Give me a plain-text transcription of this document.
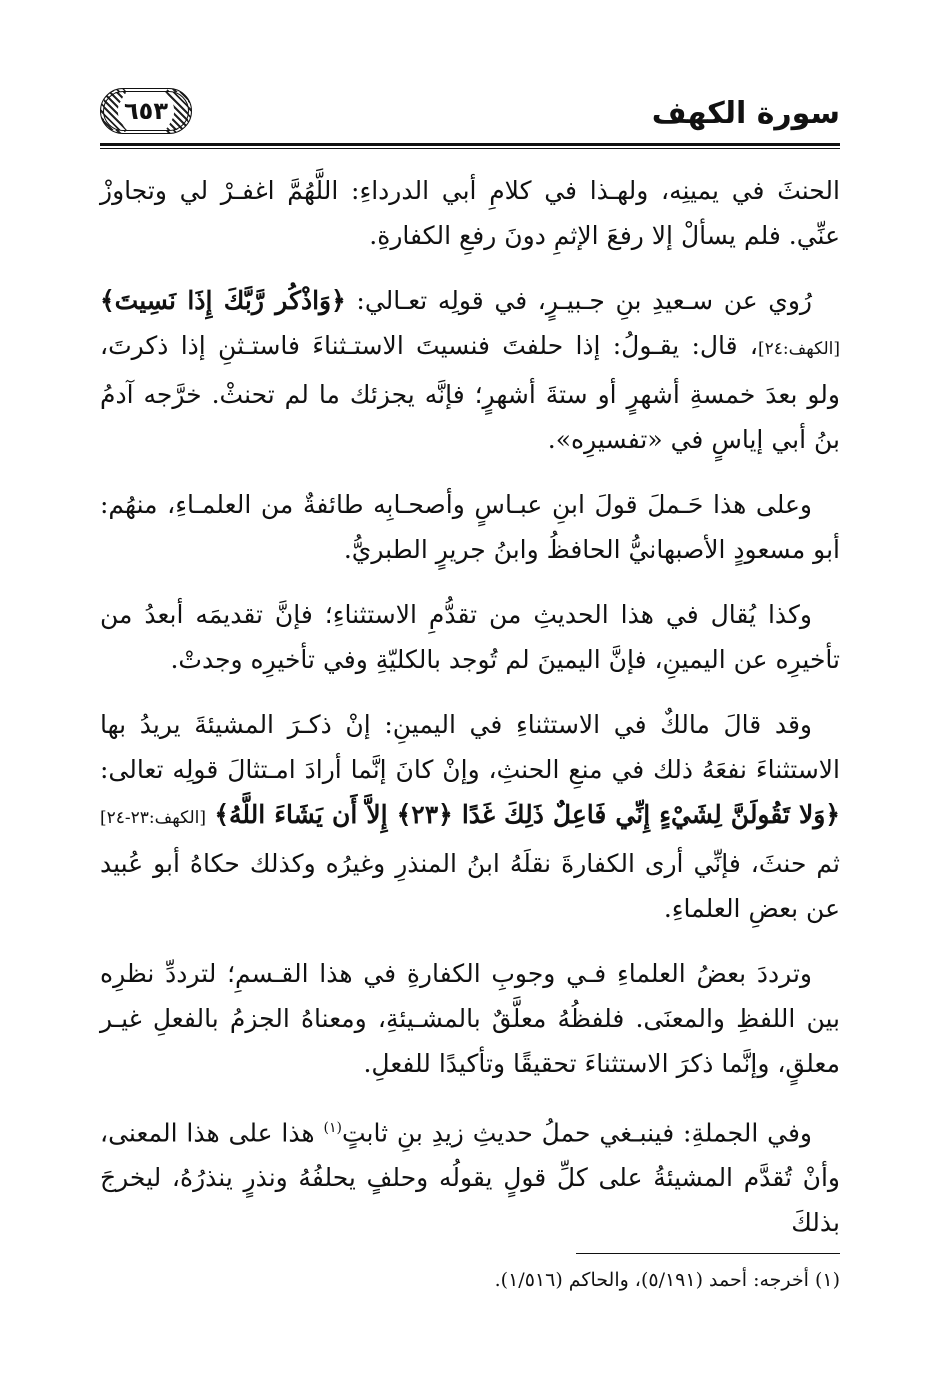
سورة الكهف
٦٥٣

الحنثَ في يمينِه، ولهـذا في كلامِ أبي الدرداءِ: اللَّهُمَّ اغفـرْ لي وتجاوزْ عنِّي. فلم يسألْ إلا رفعَ الإثمِ دونَ رفعِ الكفارةِ.

رُوي عن سـعيدِ بنِ جـبيـرٍ، في قولِه تعـالي: ﴿وَاذْكُر رَّبَّكَ إِذَا نَسِيتَ﴾ [الكهف:٢٤]، قال: يقـولُ: إذا حلفتَ فنسيتَ الاستـثناءَ فاستـثنِ إذا ذكرتَ، ولو بعدَ خمسةِ أشهرٍ أو ستةَ أشهرٍ؛ فإنَّه يجزئك ما لم تحنثْ. خرَّجه آدمُ بنُ أبي إياسٍ في «تفسيرِه».

وعلى هذا حَـملَ قولَ ابنِ عبـاسٍ وأصحـابِه طائفةٌ من العلمـاءِ، منهُم: أبو مسعودٍ الأصبهانيُّ الحافظُ وابنُ جريرٍ الطبريُّ.

وكذا يُقال في هذا الحديثِ من تقدُّمِ الاستثناءِ؛ فإنَّ تقديمَه أبعدُ من تأخيرِه عن اليمينِ، فإنَّ اليمينَ لم تُوجد بالكليّةِ وفي تأخيرِه وجدتْ.

وقد قالَ مالكٌ في الاستثناءِ في اليمينِ: إنْ ذكـرَ المشيئةَ يريدُ بها الاستثناءَ نفعَهُ ذلك في منعِ الحنثِ، وإنْ كانَ إنَّما أرادَ امـتثالَ قولِه تعالى: ﴿وَلا تَقُولَنَّ لِشَيْءٍ إِنِّي فَاعِلٌ ذَلِكَ غَدًا ﴿٢٣﴾ إِلاَّ أَن يَشَاءَ اللَّهُ﴾ [الكهف:٢٣-٢٤] ثم حنثَ، فإنِّي أرى الكفارةَ نقلَهُ ابنُ المنذرِ وغيرُه وكذلك حكاهُ أبو عُبيد عن بعضِ العلماءِ.

وترددَ بعضُ العلماءِ فـي وجوبِ الكفارةِ في هذا القـسمِ؛ لترددِّ نظرِه بين اللفظِ والمعنَى. فلفظُهُ معلَّقٌ بالمشـيئةِ، ومعناهُ الجزمُ بالفعلِ غيـر معلقٍ، وإنَّما ذكرَ الاستثناءَ تحقيقًا وتأكيدًا للفعلِ.

وفي الجملةِ: فينبـغي حملُ حديثِ زيدِ بنِ ثابتٍ$^{(١)}$ هذا على هذا المعنى، وأنْ تُقدَّم المشيئةُ على كلِّ قولٍ يقولُه وحلفٍ يحلفُهُ ونذرٍ ينذرُهُ، ليخرجَ بذلكَ

(١) أخرجه: أحمد (٥/١٩١)، والحاكم (١/٥١٦).
